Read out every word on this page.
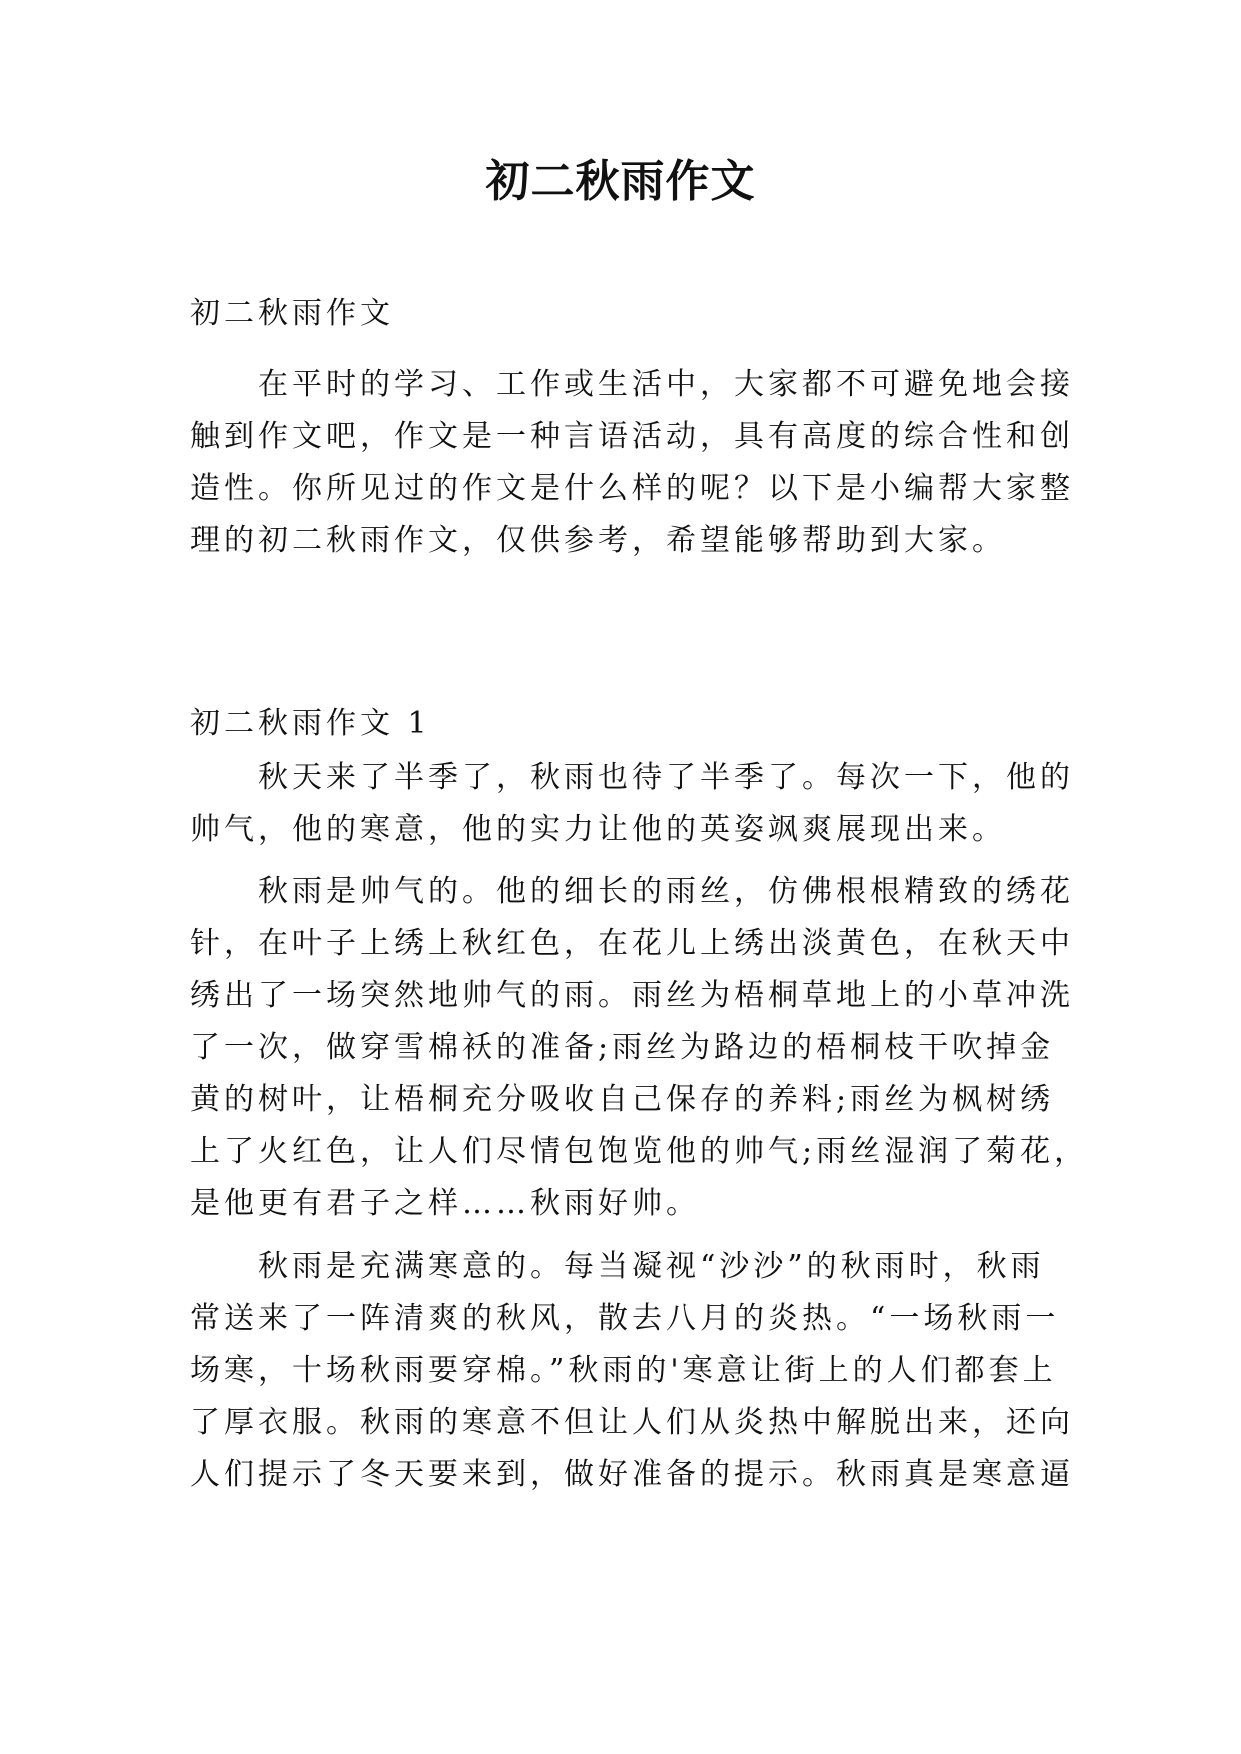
初二秋雨作文
初二秋雨作文
　　在平时的学习、工作或生活中，大家都不可避免地会接
触到作文吧，作文是一种言语活动，具有高度的综合性和创
造性。你所见过的作文是什么样的呢？以下是小编帮大家整
理的初二秋雨作文，仅供参考，希望能够帮助到大家。
初二秋雨作文 1
　　秋天来了半季了，秋雨也待了半季了。每次一下，他的
帅气，他的寒意，他的实力让他的英姿飒爽展现出来。
　　秋雨是帅气的。他的细长的雨丝，仿佛根根精致的绣花
针，在叶子上绣上秋红色，在花儿上绣出淡黄色，在秋天中
绣出了一场突然地帅气的雨。雨丝为梧桐草地上的小草冲洗
了一次，做穿雪棉袄的准备;雨丝为路边的梧桐枝干吹掉金
黄的树叶，让梧桐充分吸收自己保存的养料;雨丝为枫树绣
上了火红色，让人们尽情包饱览他的帅气;雨丝湿润了菊花，
是他更有君子之样……秋雨好帅。
　　秋雨是充满寒意的。每当凝视“沙沙”的秋雨时，秋雨
常送来了一阵清爽的秋风，散去八月的炎热。“一场秋雨一
场寒，十场秋雨要穿棉。”秋雨的'寒意让街上的人们都套上
了厚衣服。秋雨的寒意不但让人们从炎热中解脱出来，还向
人们提示了冬天要来到，做好准备的提示。秋雨真是寒意逼
